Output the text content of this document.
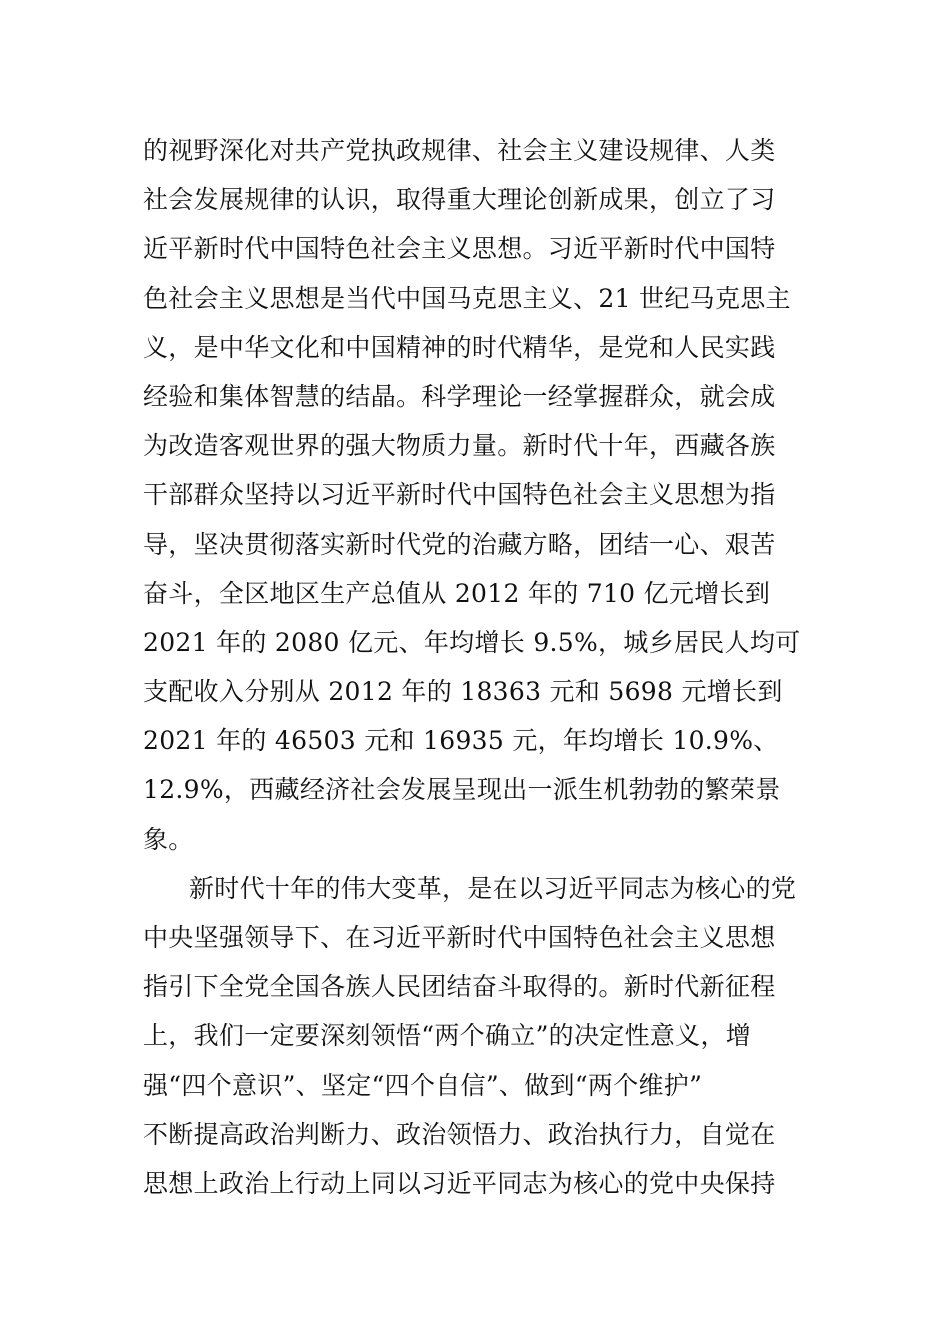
的视野深化对共产党执政规律、社会主义建设规律、人类
社会发展规律的认识，取得重大理论创新成果，创立了习
近平新时代中国特色社会主义思想。习近平新时代中国特
色社会主义思想是当代中国马克思主义、21 世纪马克思主
义，是中华文化和中国精神的时代精华，是党和人民实践
经验和集体智慧的结晶。科学理论一经掌握群众，就会成
为改造客观世界的强大物质力量。新时代十年，西藏各族
干部群众坚持以习近平新时代中国特色社会主义思想为指
导，坚决贯彻落实新时代党的治藏方略，团结一心、艰苦
奋斗，全区地区生产总值从 2012 年的 710 亿元增长到
2021 年的 2080 亿元、年均增长 9.5%，城乡居民人均可
支配收入分别从 2012 年的 18363 元和 5698 元增长到
2021 年的 46503 元和 16935 元，年均增长 10.9%、
12.9%，西藏经济社会发展呈现出一派生机勃勃的繁荣景
象。
新时代十年的伟大变革，是在以习近平同志为核心的党
中央坚强领导下、在习近平新时代中国特色社会主义思想
指引下全党全国各族人民团结奋斗取得的。新时代新征程
上，我们一定要深刻领悟“两个确立”的决定性意义，增
强“四个意识”、坚定“四个自信”、做到“两个维护”
不断提高政治判断力、政治领悟力、政治执行力，自觉在
思想上政治上行动上同以习近平同志为核心的党中央保持
